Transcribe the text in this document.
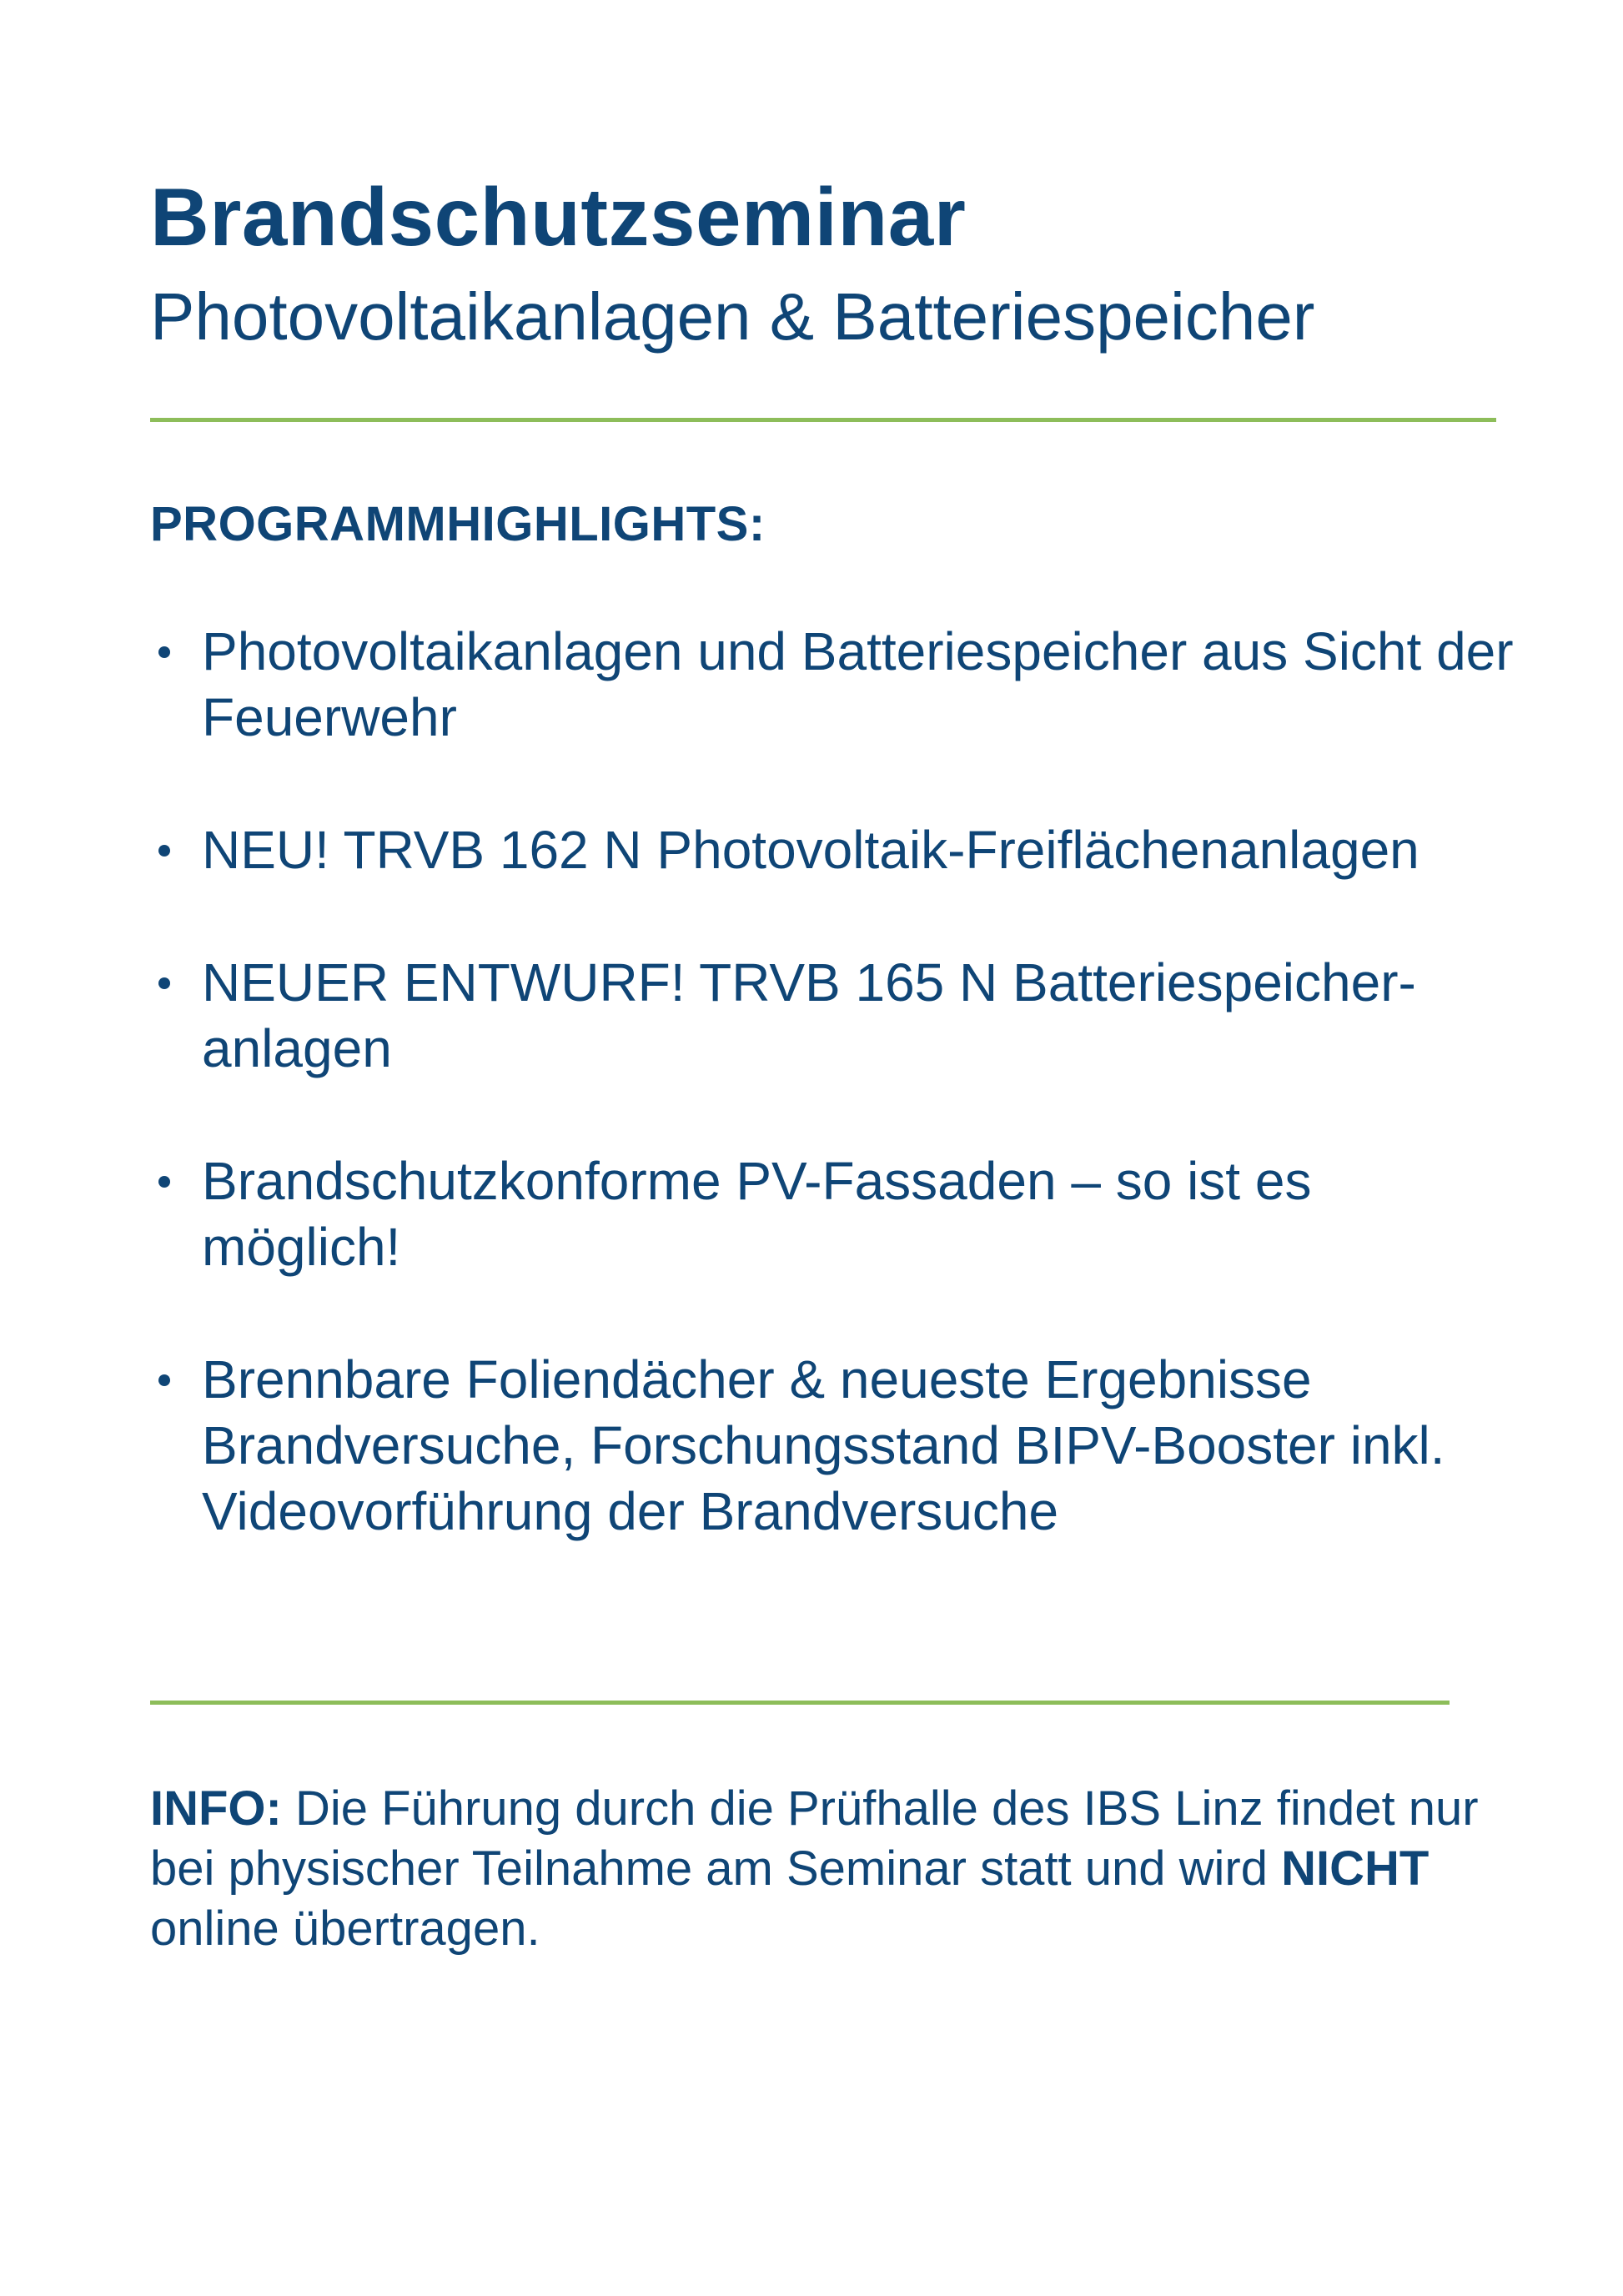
Brandschutzseminar
Photovoltaikanlagen & Batteriespeicher
PROGRAMMHIGHLIGHTS:
Photovoltaikanlagen und Batteriespeicher aus Sicht der Feuerwehr
NEU! TRVB 162 N Photovoltaik-Freiflächenanlagen
NEUER ENTWURF! TRVB 165 N Batteriespeicher-anlagen
Brandschutzkonforme PV-Fassaden – so ist es möglich!
Brennbare Foliendächer & neueste Ergebnisse Brandversuche, Forschungsstand BIPV-Booster inkl. Videovorführung der Brandversuche

INFO: Die Führung durch die Prüfhalle des IBS Linz findet nur bei physischer Teilnahme am Seminar statt und wird NICHT online übertragen.
